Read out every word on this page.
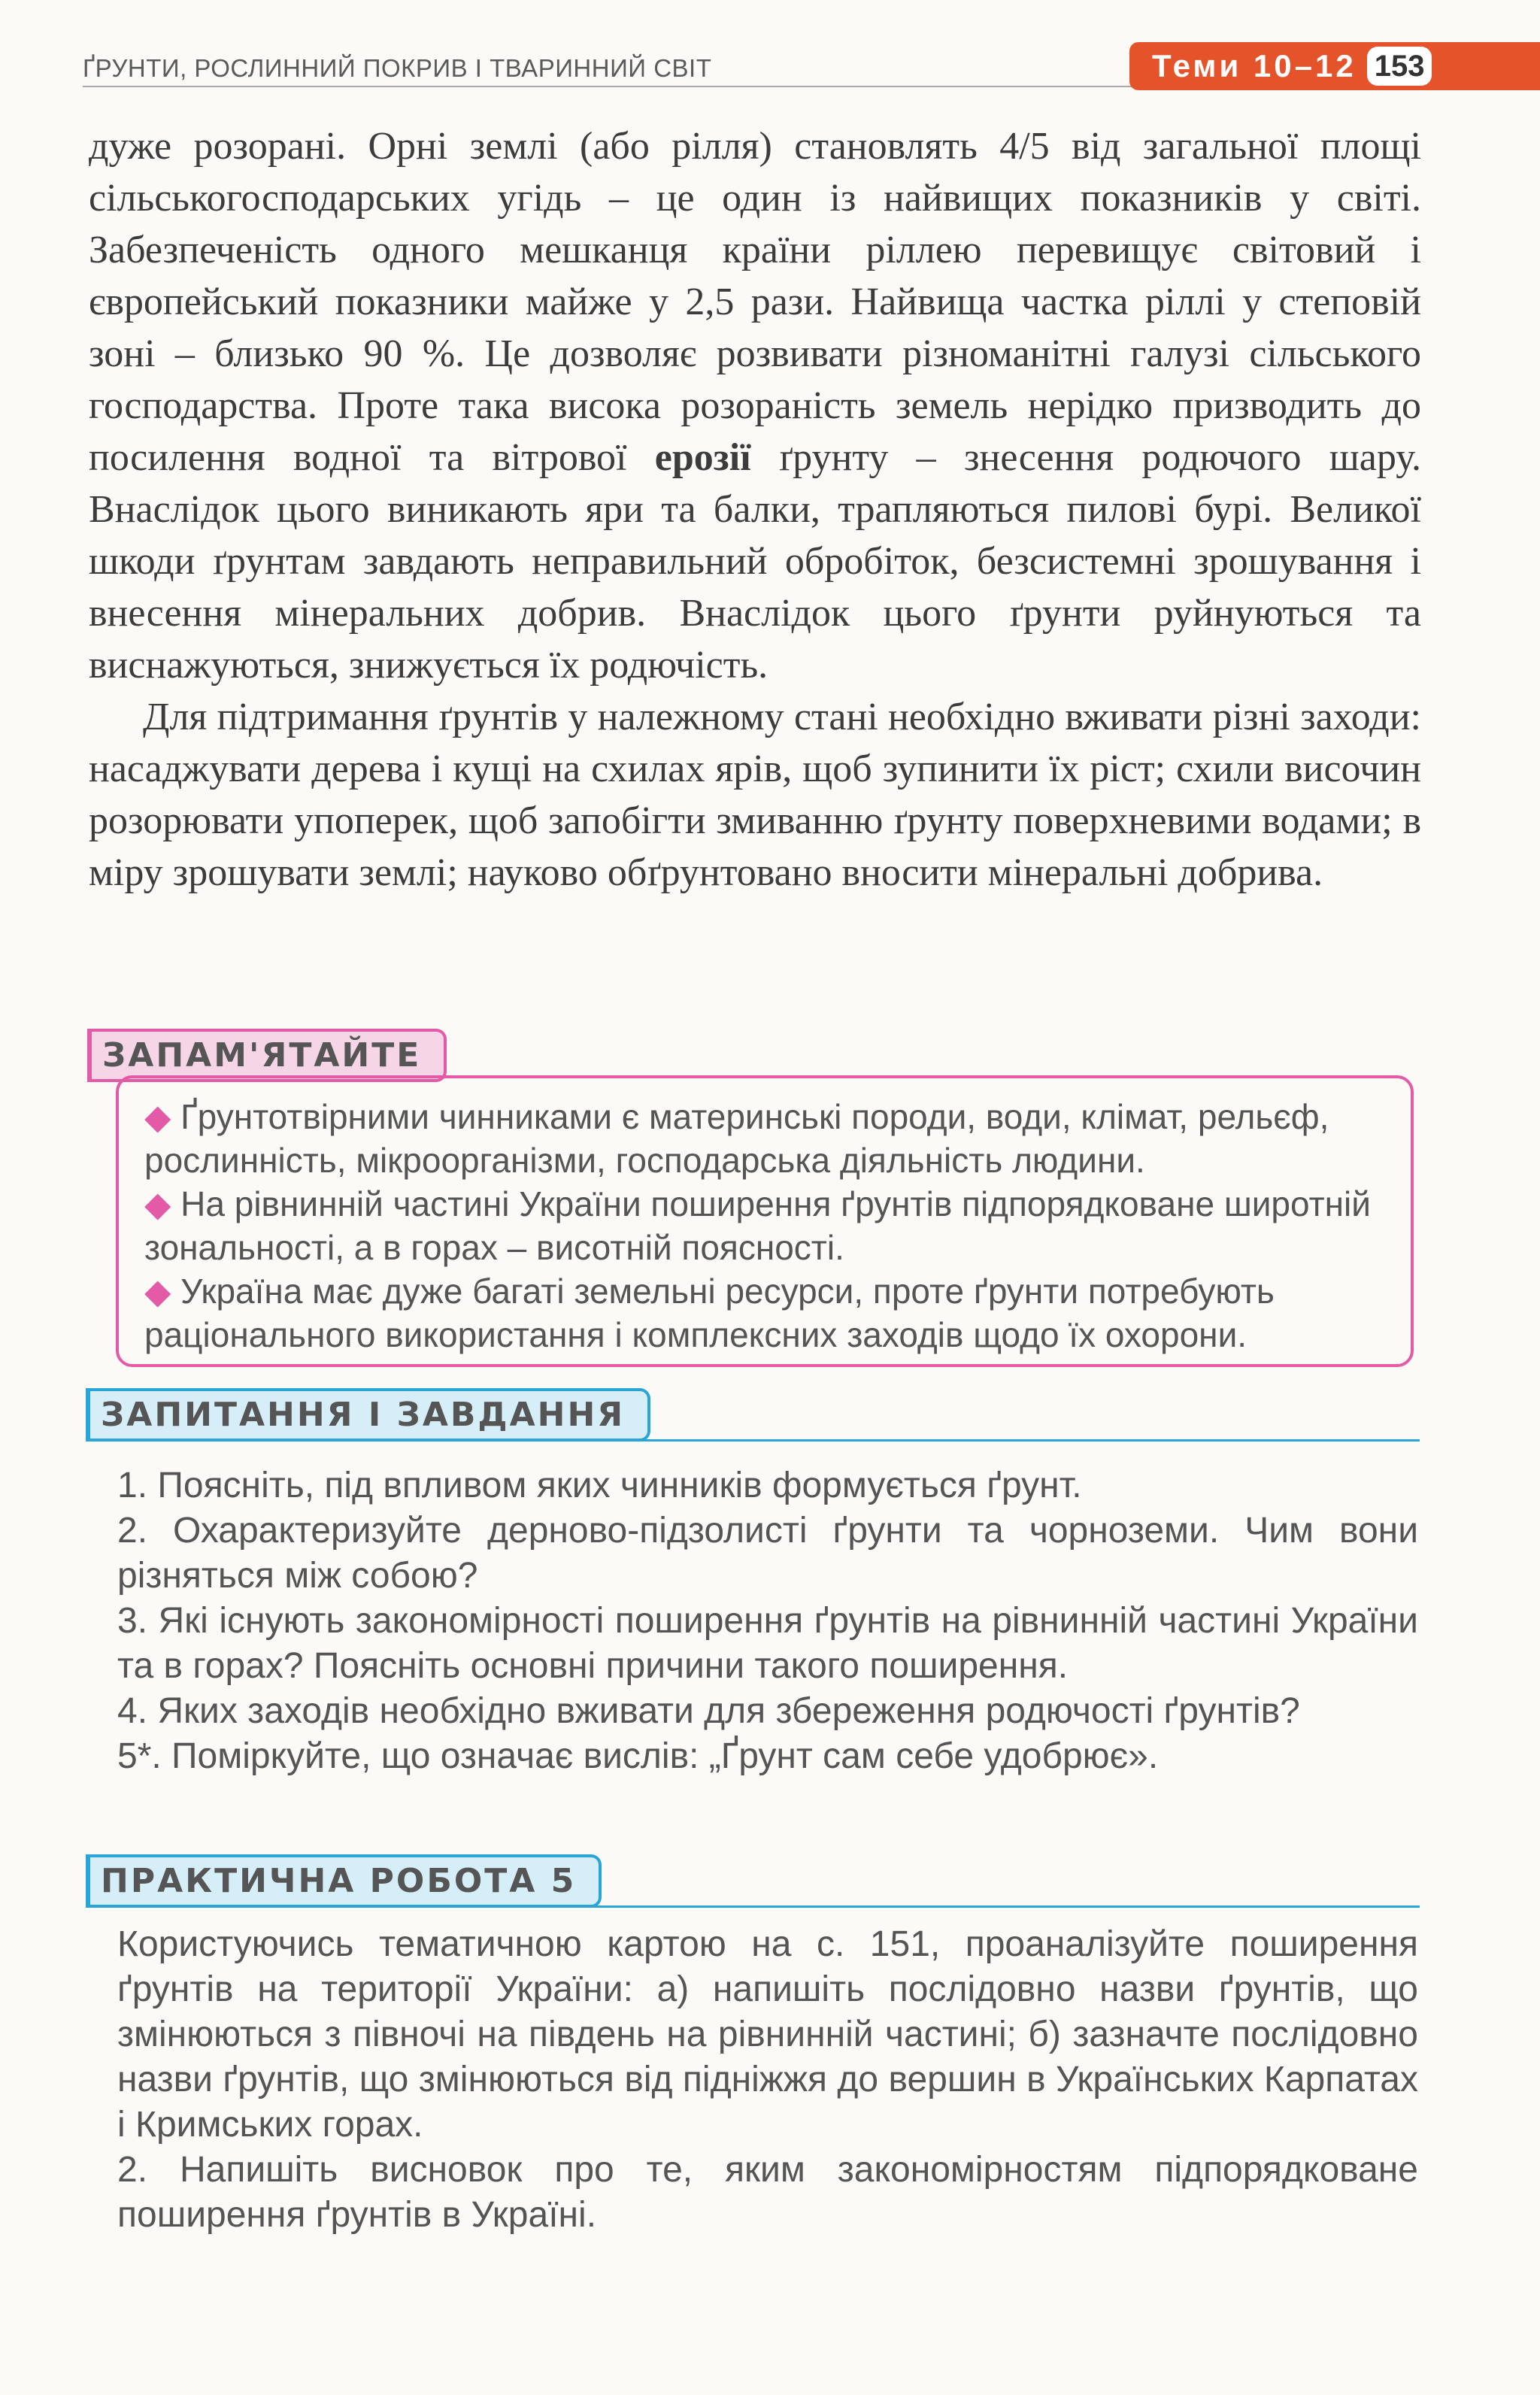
ҐРУНТИ, РОСЛИННИЙ ПОКРИВ І ТВАРИННИЙ СВІТ	Теми 10–12 153

дуже розорані. Орні землі (або рілля) становлять 4/5 від загальної площі сільськогосподарських угідь – це один із найвищих показників у світі. Забезпеченість одного мешканця країни ріллею перевищує світовий і європейський показники майже у 2,5 рази. Найвища частка ріллі у степовій зоні – близько 90 %. Це дозволяє розвивати різноманітні галузі сільського господарства. Проте така висока розораність земель нерідко призводить до посилення водної та вітрової ерозії ґрунту – знесення родючого шару. Внаслідок цього виникають яри та балки, трапляються пилові бурі. Великої шкоди ґрунтам завдають неправильний обробіток, безсистемні зрошування і внесення мінеральних добрив. Внаслідок цього ґрунти руйнуються та виснажуються, знижується їх родючість.

Для підтримання ґрунтів у належному стані необхідно вживати різні заходи: насаджувати дерева і кущі на схилах ярів, щоб зупинити їх ріст; схили височин розорювати упоперек, щоб запобігти змиванню ґрунту поверхневими водами; в міру зрошувати землі; науково обґрунтовано вносити мінеральні добрива.

ЗАПАМ'ЯТАЙТЕ

◆ Ґрунтотвірними чинниками є материнські породи, води, клімат, рельєф, рослинність, мікроорганізми, господарська діяльність людини.

◆ На рівнинній частині України поширення ґрунтів підпорядковане широтній зональності, а в горах – висотній поясності.

◆ Україна має дуже багаті земельні ресурси, проте ґрунти потребують раціонального використання і комплексних заходів щодо їх охорони.

ЗАПИТАННЯ І ЗАВДАННЯ

1. Поясніть, під впливом яких чинників формується ґрунт.

2. Охарактеризуйте дерново-підзолисті ґрунти та чорноземи. Чим вони різняться між собою?

3. Які існують закономірності поширення ґрунтів на рівнинній частині України та в горах? Поясніть основні причини такого поширення.

4. Яких заходів необхідно вживати для збереження родючості ґрунтів?

5*. Поміркуйте, що означає вислів: „Ґрунт сам себе удобрює».

ПРАКТИЧНА РОБОТА 5

Користуючись тематичною картою на с. 151, проаналізуйте поширення ґрунтів на території України: а) напишіть послідовно назви ґрунтів, що змінюються з півночі на південь на рівнинній частині; б) зазначте послідовно назви ґрунтів, що змінюються від підніжжя до вершин в Українських Карпатах і Кримських горах.

2. Напишіть висновок про те, яким закономірностям підпорядковане поширення ґрунтів в Україні.
